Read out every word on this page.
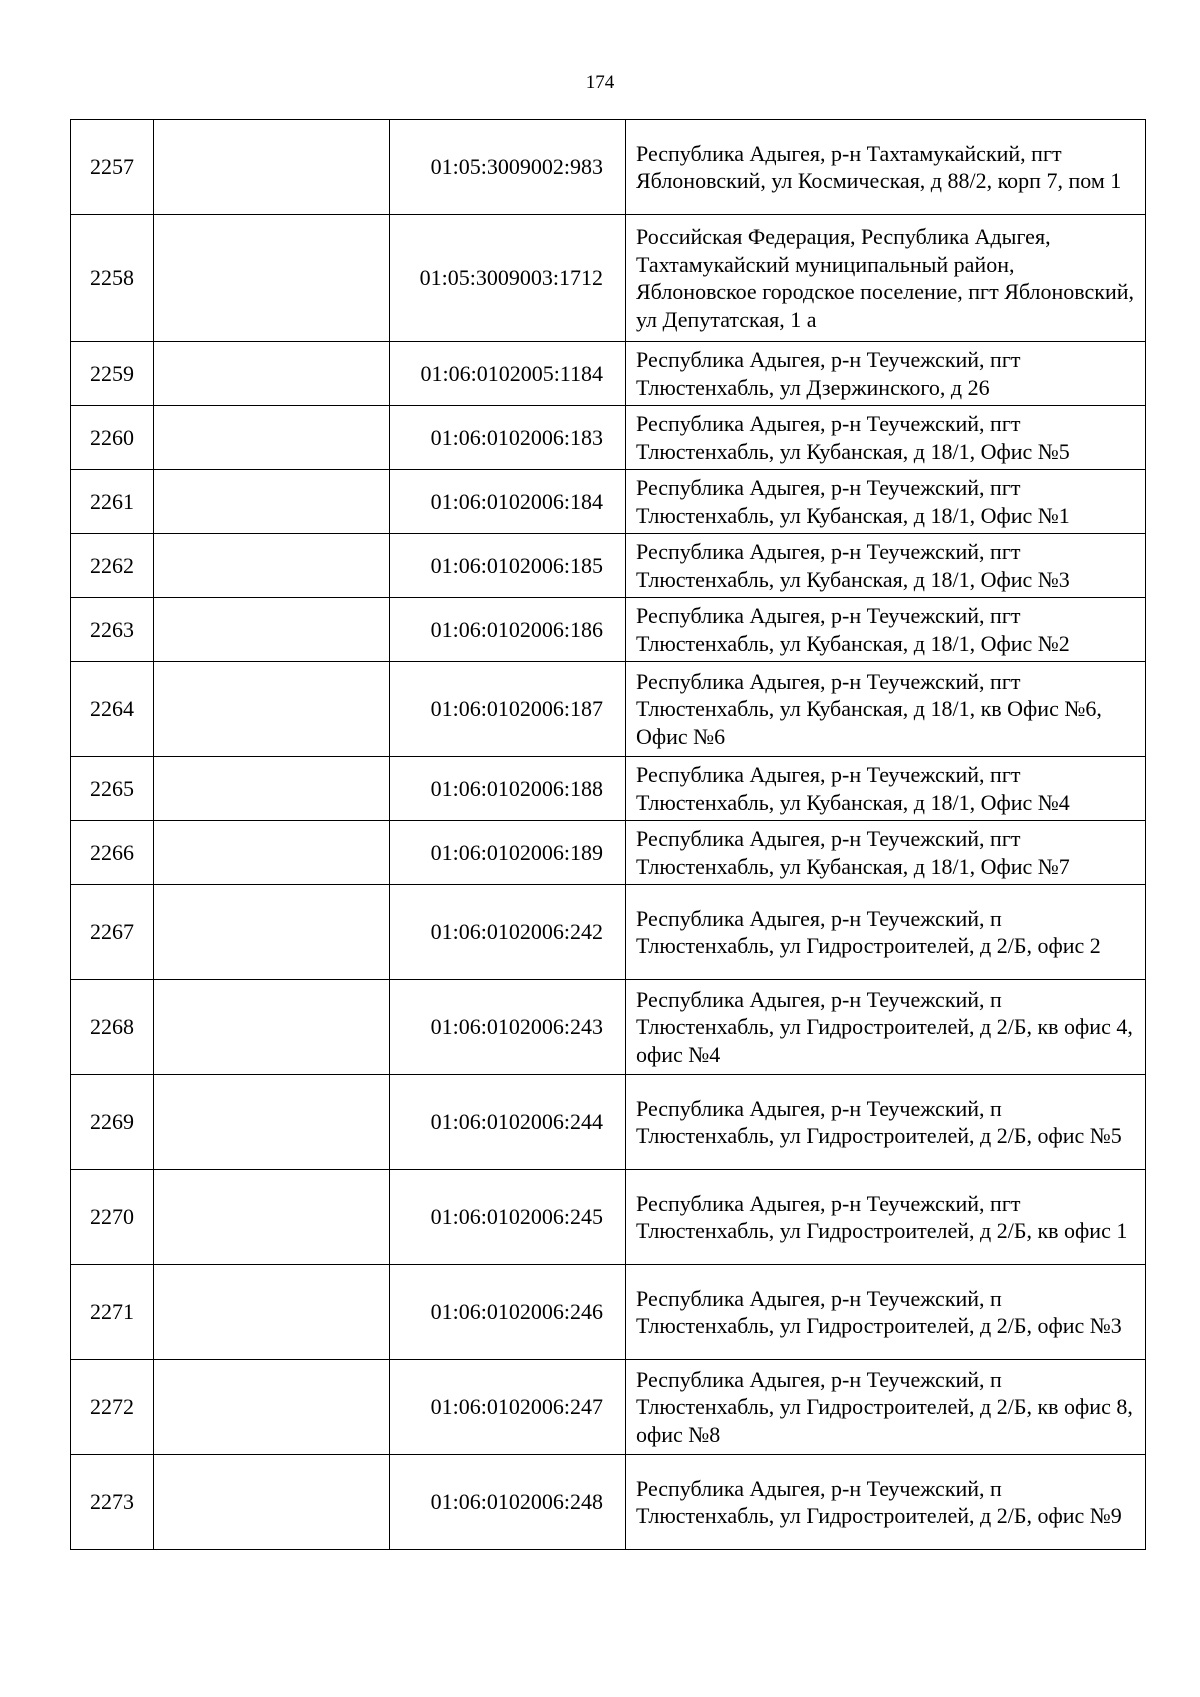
174
2257		01:05:3009002:983	Республика Адыгея, р-н Тахтамукайский, пгт Яблоновский, ул Космическая, д 88/2, корп 7, пом 1
2258		01:05:3009003:1712	Российская Федерация, Республика Адыгея, Тахтамукайский муниципальный район, Яблоновское городское поселение, пгт Яблоновский, ул Депутатская, 1 а
2259		01:06:0102005:1184	Республика Адыгея, р-н Теучежский, пгт Тлюстенхабль, ул Дзержинского, д 26
2260		01:06:0102006:183	Республика Адыгея, р-н Теучежский, пгт Тлюстенхабль, ул Кубанская, д 18/1, Офис №5
2261		01:06:0102006:184	Республика Адыгея, р-н Теучежский, пгт Тлюстенхабль, ул Кубанская, д 18/1, Офис №1
2262		01:06:0102006:185	Республика Адыгея, р-н Теучежский, пгт Тлюстенхабль, ул Кубанская, д 18/1, Офис №3
2263		01:06:0102006:186	Республика Адыгея, р-н Теучежский, пгт Тлюстенхабль, ул Кубанская, д 18/1, Офис №2
2264		01:06:0102006:187	Республика Адыгея, р-н Теучежский, пгт Тлюстенхабль, ул Кубанская, д 18/1, кв Офис №6, Офис №6
2265		01:06:0102006:188	Республика Адыгея, р-н Теучежский, пгт Тлюстенхабль, ул Кубанская, д 18/1, Офис №4
2266		01:06:0102006:189	Республика Адыгея, р-н Теучежский, пгт Тлюстенхабль, ул Кубанская, д 18/1, Офис №7
2267		01:06:0102006:242	Республика Адыгея, р-н Теучежский, п Тлюстенхабль, ул Гидростроителей, д 2/Б, офис 2
2268		01:06:0102006:243	Республика Адыгея, р-н Теучежский, п Тлюстенхабль, ул Гидростроителей, д 2/Б, кв офис 4, офис №4
2269		01:06:0102006:244	Республика Адыгея, р-н Теучежский, п Тлюстенхабль, ул Гидростроителей, д 2/Б, офис №5
2270		01:06:0102006:245	Республика Адыгея, р-н Теучежский, пгт Тлюстенхабль, ул Гидростроителей, д 2/Б, кв офис 1
2271		01:06:0102006:246	Республика Адыгея, р-н Теучежский, п Тлюстенхабль, ул Гидростроителей, д 2/Б, офис №3
2272		01:06:0102006:247	Республика Адыгея, р-н Теучежский, п Тлюстенхабль, ул Гидростроителей, д 2/Б, кв офис 8, офис №8
2273		01:06:0102006:248	Республика Адыгея, р-н Теучежский, п Тлюстенхабль, ул Гидростроителей, д 2/Б, офис №9
